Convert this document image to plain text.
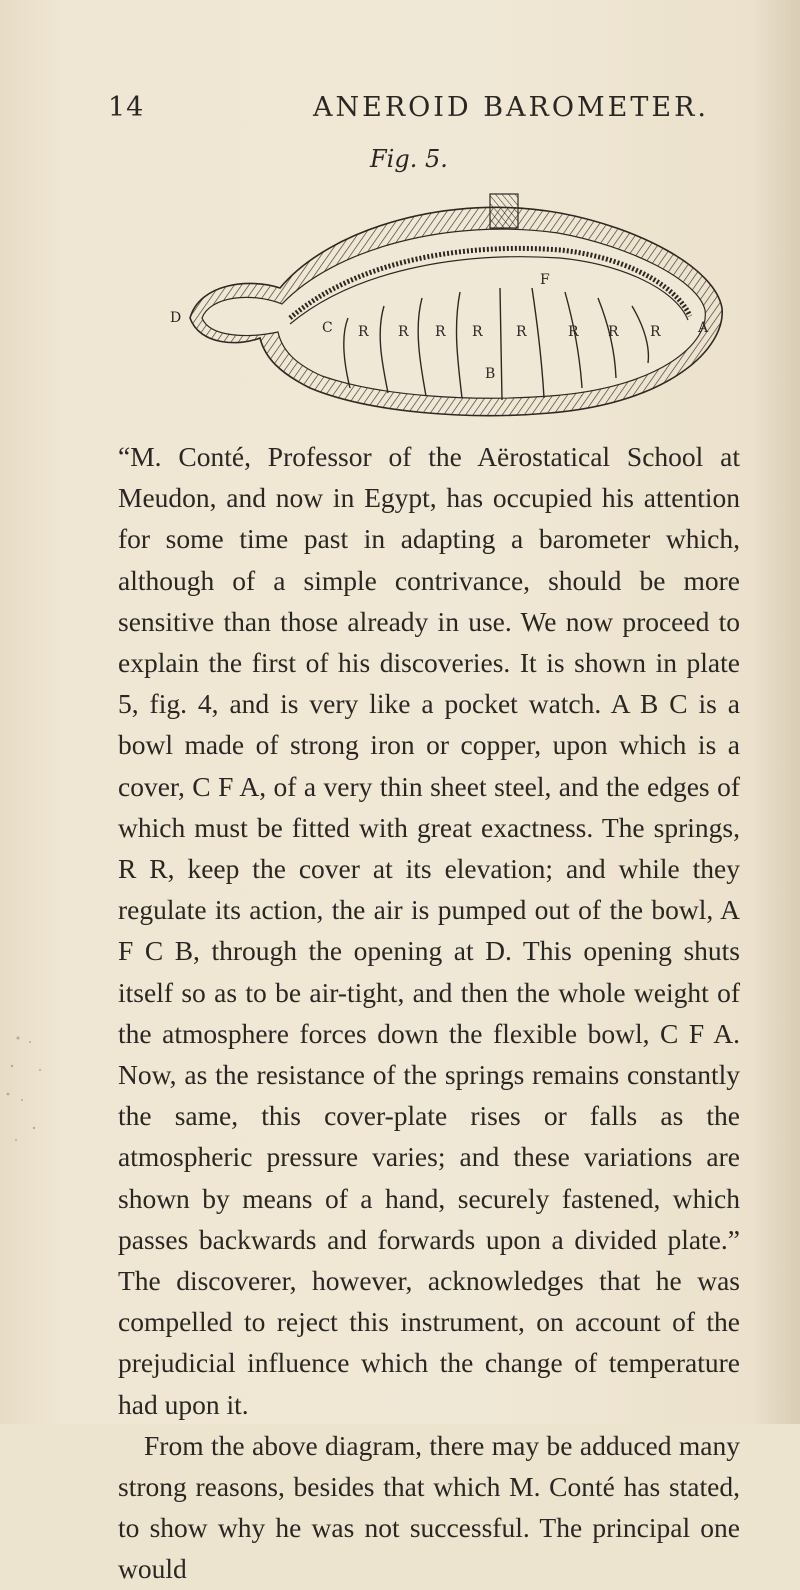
14	ANEROID BAROMETER.
Fig. 5.
D
C
B
F
A
R R R R R	R R R

“M. Conté, Professor of the Aërostatical School at Meudon, and now in Egypt, has occupied his attention for some time past in adapting a barometer which, although of a simple contrivance, should be more sensitive than those already in use. We now proceed to explain the first of his discoveries. It is shown in plate 5, fig. 4, and is very like a pocket watch. A B C is a bowl made of strong iron or copper, upon which is a cover, C F A, of a very thin sheet steel, and the edges of which must be fitted with great exactness. The springs, R R, keep the cover at its elevation; and while they regulate its action, the air is pumped out of the bowl, A F C B, through the opening at D. This opening shuts itself so as to be air-tight, and then the whole weight of the atmosphere forces down the flexible bowl, C F A. Now, as the resistance of the springs remains constantly the same, this cover-plate rises or falls as the atmospheric pressure varies; and these variations are shown by means of a hand, securely fastened, which passes backwards and forwards upon a divided plate.” The discoverer, however, acknowledges that he was compelled to reject this instrument, on account of the prejudicial influence which the change of temperature had upon it.

From the above diagram, there may be adduced many strong reasons, besides that which M. Conté has stated, to show why he was not successful. The principal one would
